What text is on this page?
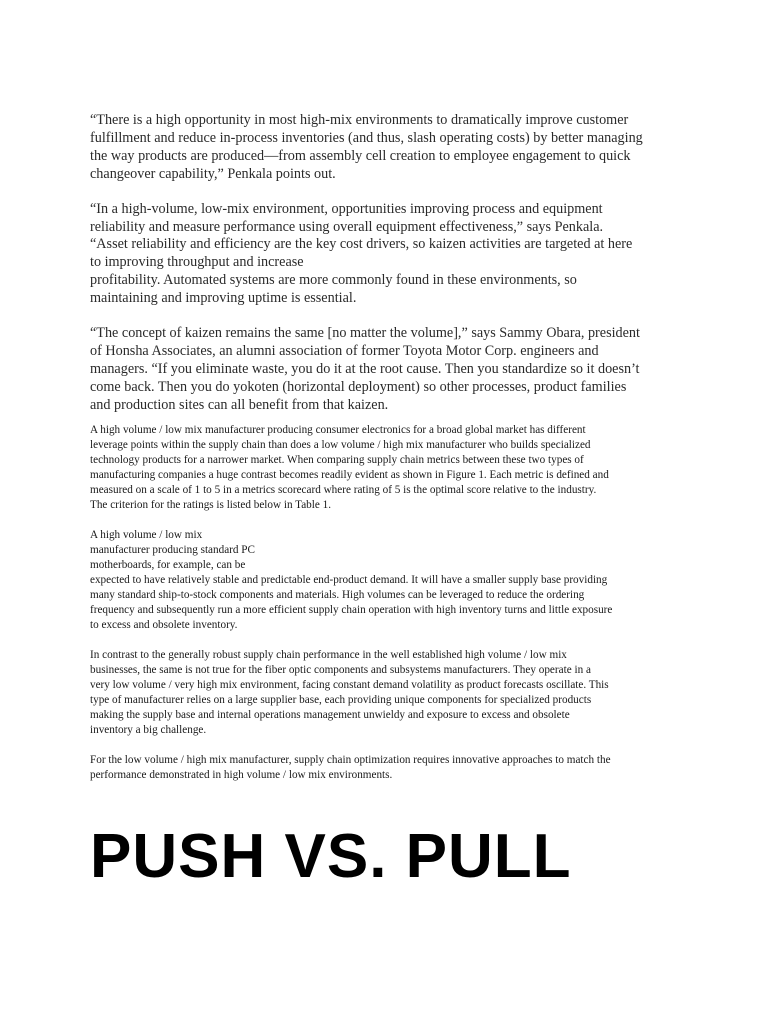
“There is a high opportunity in most high-mix environments to dramatically improve customer

fulfillment and reduce in-process inventories (and thus, slash operating costs) by better managing

the way products are produced—from assembly cell creation to employee engagement to quick

changeover capability,” Penkala points out.

“In a high-volume, low-mix environment, opportunities improving process and equipment

reliability and measure performance using overall equipment effectiveness,” says Penkala.

“Asset reliability and efficiency are the key cost drivers, so kaizen activities are targeted at here

to improving throughput and increase

profitability. Automated systems are more commonly found in these environments, so

maintaining and improving uptime is essential.

“The concept of kaizen remains the same [no matter the volume],” says Sammy Obara, president

of Honsha Associates, an alumni association of former Toyota Motor Corp. engineers and

managers. “If you eliminate waste, you do it at the root cause. Then you standardize so it doesn’t

come back. Then you do yokoten (horizontal deployment) so other processes, product families

and production sites can all benefit from that kaizen.

A high volume / low mix manufacturer producing consumer electronics for a broad global market has different

leverage points within the supply chain than does a low volume / high mix manufacturer who builds specialized

technology products for a narrower market. When comparing supply chain metrics between these two types of

manufacturing companies a huge contrast becomes readily evident as shown in Figure 1. Each metric is defined and

measured on a scale of 1 to 5 in a metrics scorecard where rating of 5 is the optimal score relative to the industry.

The criterion for the ratings is listed below in Table 1.

A high volume / low mix

manufacturer producing standard PC

motherboards, for example, can be

expected to have relatively stable and predictable end-product demand. It will have a smaller supply base providing

many standard ship-to-stock components and materials. High volumes can be leveraged to reduce the ordering

frequency and subsequently run a more efficient supply chain operation with high inventory turns and little exposure

to excess and obsolete inventory.

In contrast to the generally robust supply chain performance in the well established high volume / low mix

businesses, the same is not true for the fiber optic components and subsystems manufacturers. They operate in a

very low volume / very high mix environment, facing constant demand volatility as product forecasts oscillate. This

type of manufacturer relies on a large supplier base, each providing unique components for specialized products

making the supply base and internal operations management unwieldy and exposure to excess and obsolete

inventory a big challenge.

For the low volume / high mix manufacturer, supply chain optimization requires innovative approaches to match the

performance demonstrated in high volume / low mix environments.

PUSH VS. PULL
